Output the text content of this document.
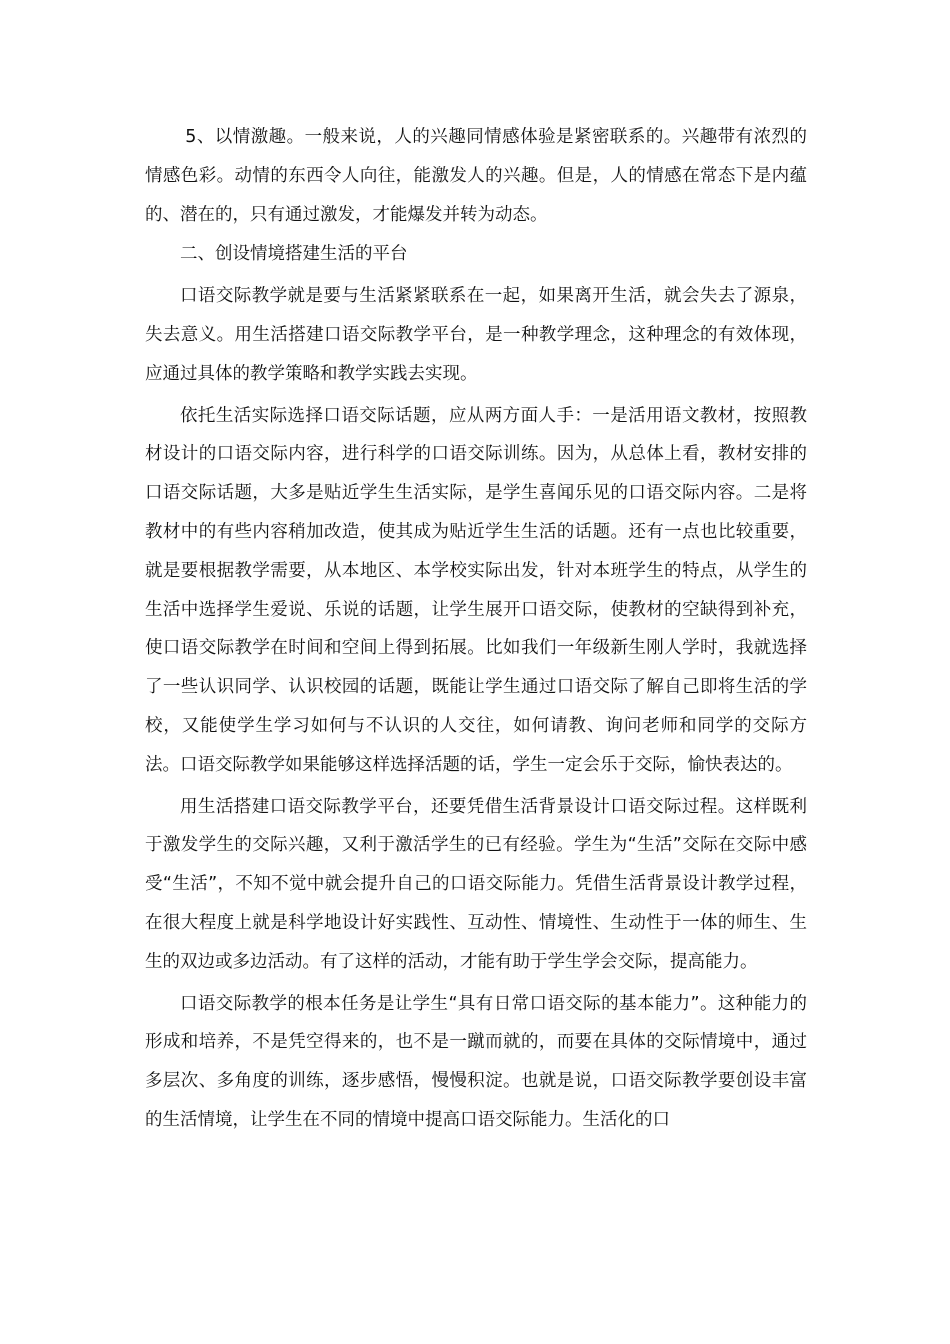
5、以情激趣。一般来说，人的兴趣同情感体验是紧密联系的。兴趣带有浓烈的情感色彩。动情的东西令人向往，能激发人的兴趣。但是，人的情感在常态下是内蕴的、潜在的，只有通过激发，才能爆发并转为动态。

二、创设情境搭建生活的平台

口语交际教学就是要与生活紧紧联系在一起，如果离开生活，就会失去了源泉，失去意义。用生活搭建口语交际教学平台，是一种教学理念，这种理念的有效体现，应通过具体的教学策略和教学实践去实现。

依托生活实际选择口语交际话题，应从两方面人手：一是活用语文教材，按照教材设计的口语交际内容，进行科学的口语交际训练。因为，从总体上看，教材安排的口语交际话题，大多是贴近学生生活实际，是学生喜闻乐见的口语交际内容。二是将教材中的有些内容稍加改造，使其成为贴近学生生活的话题。还有一点也比较重要，就是要根据教学需要，从本地区、本学校实际出发，针对本班学生的特点，从学生的生活中选择学生爱说、乐说的话题，让学生展开口语交际，使教材的空缺得到补充，使口语交际教学在时间和空间上得到拓展。比如我们一年级新生刚人学时，我就选择了一些认识同学、认识校园的话题，既能让学生通过口语交际了解自己即将生活的学校，又能使学生学习如何与不认识的人交往，如何请教、询问老师和同学的交际方法。口语交际教学如果能够这样选择活题的话，学生一定会乐于交际，愉快表达的。

用生活搭建口语交际教学平台，还要凭借生活背景设计口语交际过程。这样既利于激发学生的交际兴趣，又利于激活学生的已有经验。学生为“生活”交际在交际中感受“生活”，不知不觉中就会提升自己的口语交际能力。凭借生活背景设计教学过程，在很大程度上就是科学地设计好实践性、互动性、情境性、生动性于一体的师生、生生的双边或多边活动。有了这样的活动，才能有助于学生学会交际，提高能力。

口语交际教学的根本任务是让学生“具有日常口语交际的基本能力”。这种能力的形成和培养，不是凭空得来的，也不是一蹴而就的，而要在具体的交际情境中，通过多层次、多角度的训练，逐步感悟，慢慢积淀。也就是说，口语交际教学要创设丰富的生活情境，让学生在不同的情境中提高口语交际能力。生活化的口
